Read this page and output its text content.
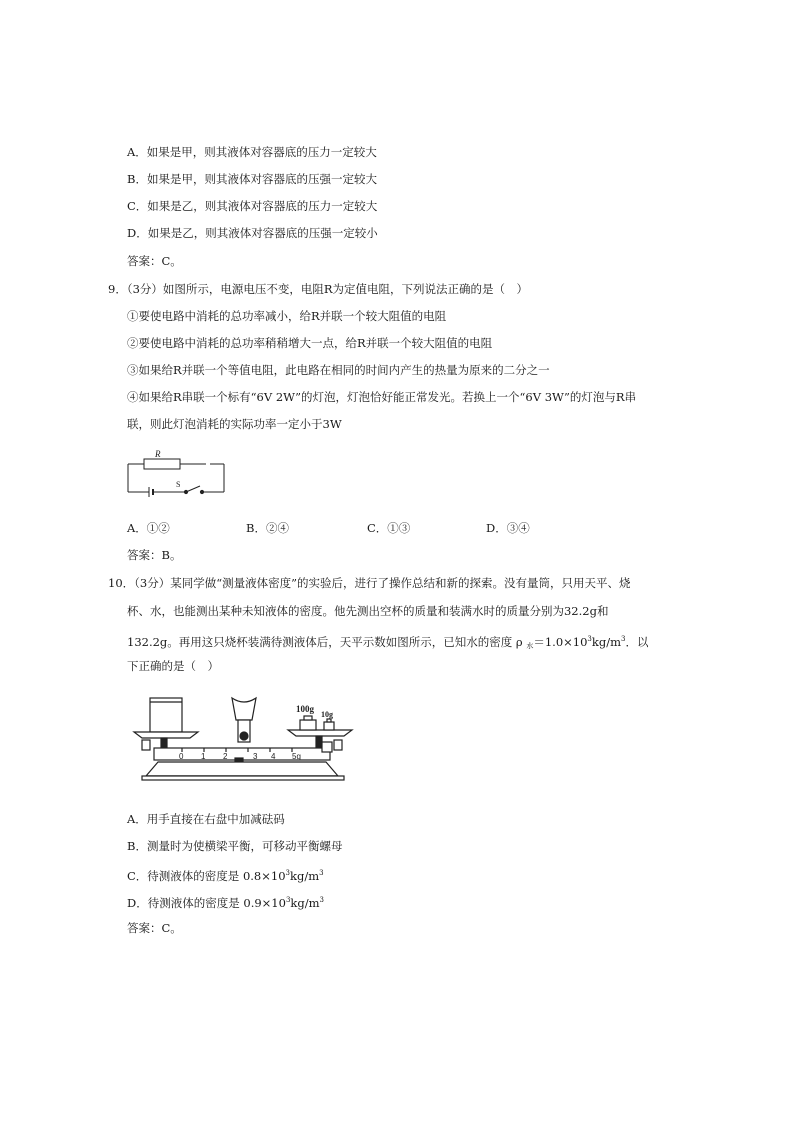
A．如果是甲，则其液体对容器底的压力一定较大
B．如果是甲，则其液体对容器底的压强一定较大
C．如果是乙，则其液体对容器底的压力一定较大
D．如果是乙，则其液体对容器底的压强一定较小
答案：C。
9．（3分）如图所示，电源电压不变，电阻R为定值电阻，下列说法正确的是（　）
①要使电路中消耗的总功率减小，给R并联一个较大阻值的电阻
②要使电路中消耗的总功率稍稍增大一点，给R并联一个较大阻值的电阻
③如果给R并联一个等值电阻，此电路在相同的时间内产生的热量为原来的二分之一
④如果给R串联一个标有“6V 2W”的灯泡，灯泡恰好能正常发光。若换上一个“6V 3W”的灯泡与R串
联，则此灯泡消耗的实际功率一定小于3W
R
S
A．①②	B．②④	C．①③	D．③④
答案：B。
10．（3分）某同学做“测量液体密度”的实验后，进行了操作总结和新的探索。没有量筒，只用天平、烧
杯、水，也能测出某种未知液体的密度。他先测出空杯的质量和装满水时的质量分别为32.2g和
132.2g。再用这只烧杯装满待测液体后，天平示数如图所示，已知水的密度 ρ $_水=1.0\times 10^3kg/m^3$．以
下正确的是（　）
100g
10g
0 1 2	3 4 5g
A．用手直接在右盘中加减砝码
B．测量时为使横梁平衡，可移动平衡螺母
C．待测液体的密度是 $0.8\times 10^3kg/m^3$
D．待测液体的密度是 $0.9\times 10^3kg/m^3$
答案：C。
